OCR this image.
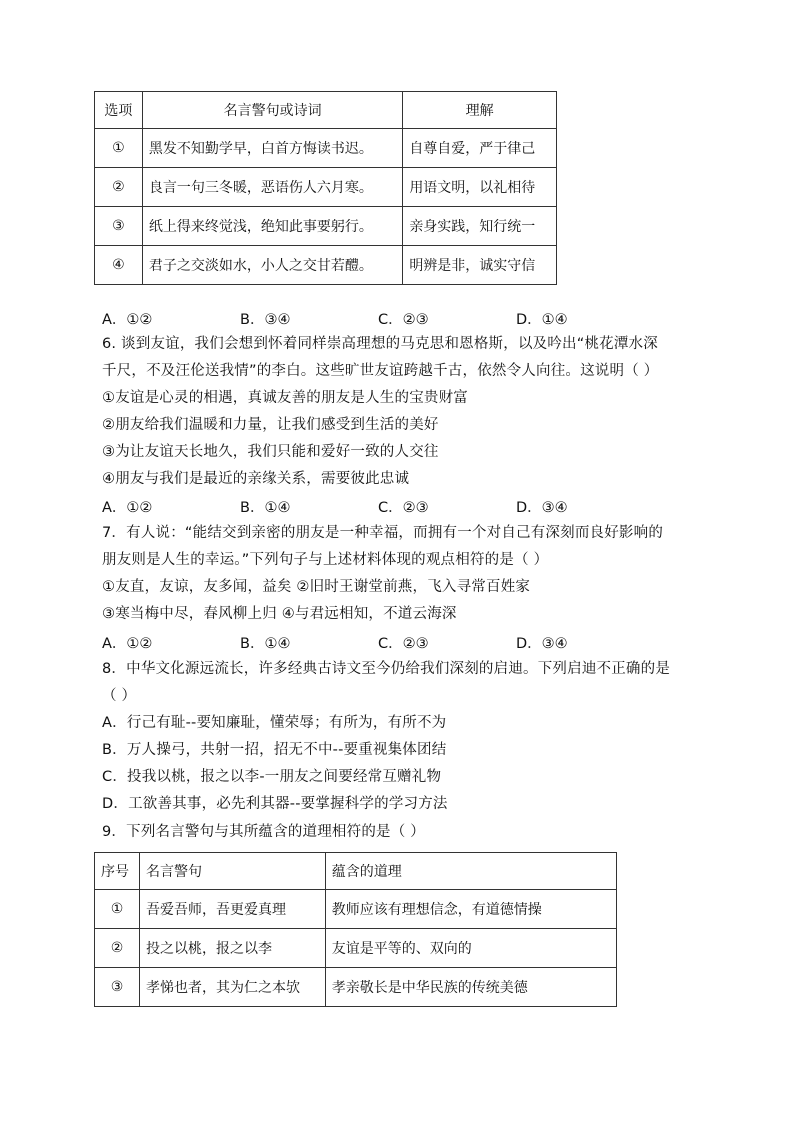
选项	名言警句或诗词	理解
①	黑发不知勤学早，白首方悔读书迟。	自尊自爱，严于律己
②	良言一句三冬暖，恶语伤人六月寒。	用语文明，以礼相待
③	纸上得来终觉浅，绝知此事要躬行。	亲身实践，知行统一
④	君子之交淡如水，小人之交甘若醴。	明辨是非，诚实守信
A．①②	B．③④	C．②③	D．①④
6. 谈到友谊，我们会想到怀着同样崇高理想的马克思和恩格斯，以及吟出“桃花潭水深
千尺，不及汪伦送我情”的李白。这些旷世友谊跨越千古，依然令人向往。这说明（ ）
①友谊是心灵的相遇，真诚友善的朋友是人生的宝贵财富
②朋友给我们温暖和力量，让我们感受到生活的美好
③为让友谊天长地久，我们只能和爱好一致的人交往
④朋友与我们是最近的亲缘关系，需要彼此忠诚
A．①②	B．①④	C．②③	D．③④
7．有人说：“能结交到亲密的朋友是一种幸福，而拥有一个对自己有深刻而良好影响的
朋友则是人生的幸运。”下列句子与上述材料体现的观点相符的是（ ）
①友直，友谅，友多闻，益矣 ②旧时王谢堂前燕，飞入寻常百姓家
③寒当梅中尽，春风柳上归 ④与君远相知，不道云海深
A．①②	B．①④	C．②③	D．③④
8．中华文化源远流长，许多经典古诗文至今仍给我们深刻的启迪。下列启迪不正确的是
（ ）
A．行己有耻--要知廉耻，懂荣辱；有所为，有所不为
B．万人操弓，共射一招，招无不中--要重视集体团结
C．投我以桃，报之以李-一朋友之间要经常互赠礼物
D．工欲善其事，必先利其器--要掌握科学的学习方法
9．下列名言警句与其所蕴含的道理相符的是（ ）
序号	名言警句	蕴含的道理
①	吾爱吾师，吾更爱真理	教师应该有理想信念，有道德情操
②	投之以桃，报之以李	友谊是平等的、双向的
③	孝悌也者，其为仁之本欤	孝亲敬长是中华民族的传统美德
